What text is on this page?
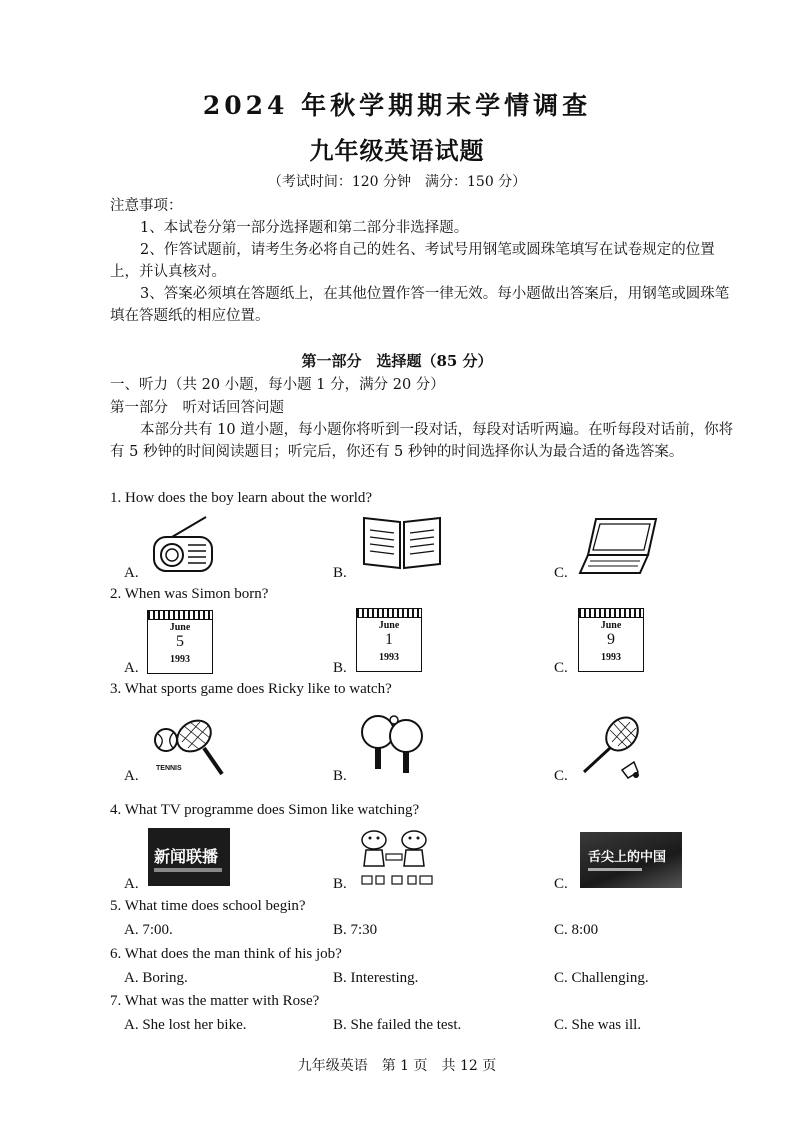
2024 年秋学期期末学情调查
九年级英语试题
（考试时间：120 分钟　满分：150 分）
注意事项：
1、本试卷分第一部分选择题和第二部分非选择题。
2、作答试题前，请考生务必将自己的姓名、考试号用钢笔或圆珠笔填写在试卷规定的位置上，并认真核对。
3、答案必须填在答题纸上，在其他位置作答一律无效。每小题做出答案后，用钢笔或圆珠笔填在答题纸的相应位置。
第一部分　选择题（85 分）
一、听力（共 20 小题，每小题 1 分，满分 20 分）
第一部分　听对话回答问题
本部分共有 10 道小题，每小题你将听到一段对话，每段对话听两遍。在听每段对话前，你将有 5 秒钟的时间阅读题目；听完后，你还有 5 秒钟的时间选择你认为最合适的备选答案。
1. How does the boy learn about the world?
A.	B.	C.
2. When was Simon born?
A.
June
5
1993
B.
June
1
1993
C.
June
9
1993
3. What sports game does Ricky like to watch?
A. TENNIS	B.	C.
4. What TV programme does Simon like watching?
A.
新闻联播
B.	C.
舌尖上的中国
5. What time does school begin?
A. 7:00.	B. 7:30	C. 8:00
6. What does the man think of his job?
A. Boring.	B. Interesting.	C. Challenging.
7. What was the matter with Rose?
A. She lost her bike.	B. She failed the test.	C. She was ill.
九年级英语　第 1 页　共 12 页
